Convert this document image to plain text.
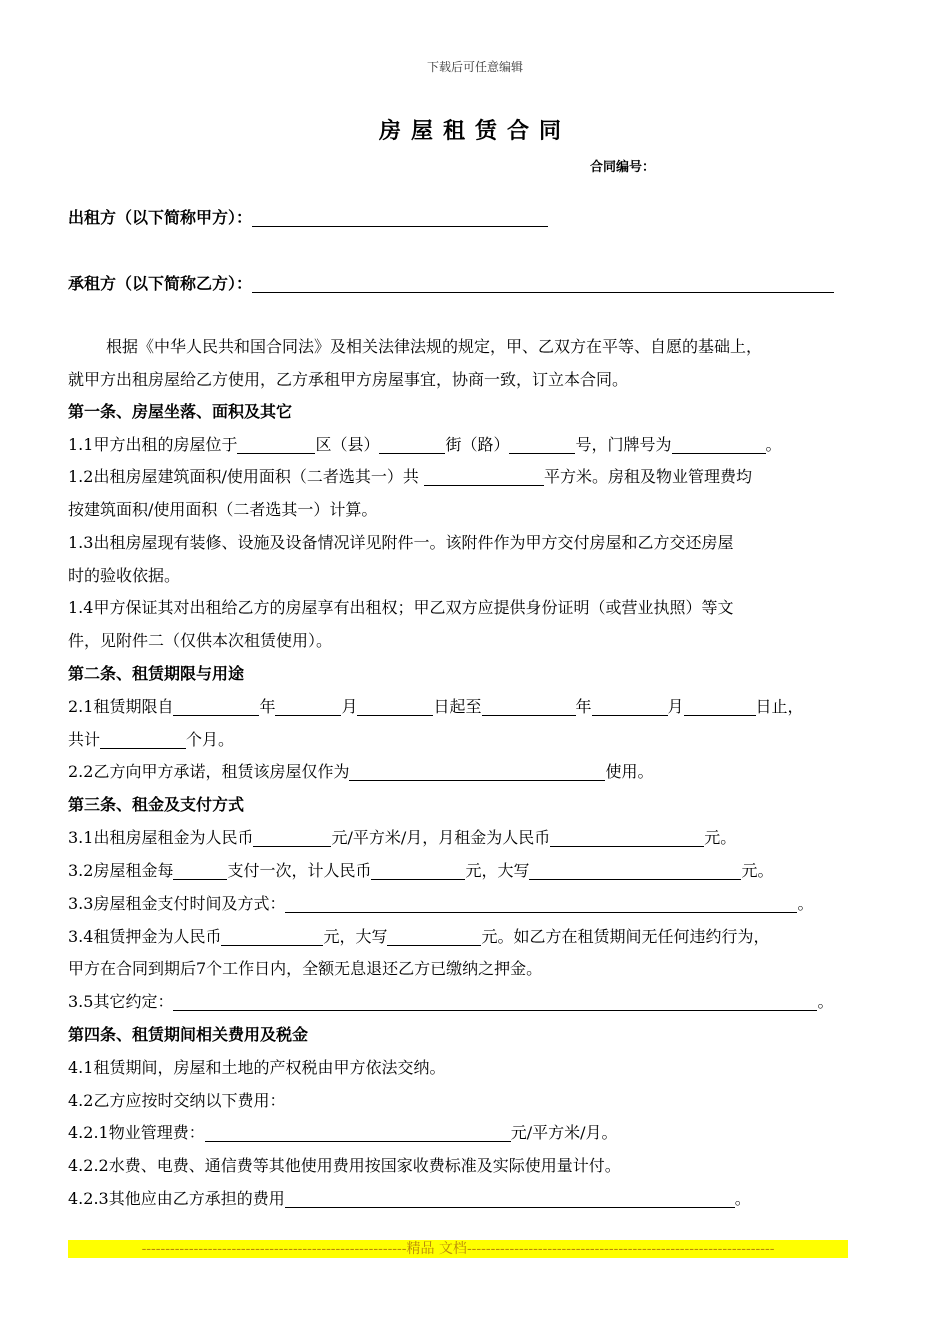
下载后可任意编辑
房屋租赁合同
合同编号：
出租方（以下简称甲方）：
承租方（以下简称乙方）：
根据《中华人民共和国合同法》及相关法律法规的规定，甲、乙双方在平等、自愿的基础上，
就甲方出租房屋给乙方使用，乙方承租甲方房屋事宜，协商一致，订立本合同。
第一条、房屋坐落、面积及其它
1.1甲方出租的房屋位于	区（县）	街（路）	号，门牌号为	。
1.2出租房屋建筑面积/使用面积（二者选其一）共	平方米。房租及物业管理费均
按建筑面积/使用面积（二者选其一）计算。
1.3出租房屋现有装修、设施及设备情况详见附件一。该附件作为甲方交付房屋和乙方交还房屋
时的验收依据。
1.4甲方保证其对出租给乙方的房屋享有出租权；甲乙双方应提供身份证明（或营业执照）等文
件，见附件二（仅供本次租赁使用）。
第二条、租赁期限与用途
2.1租赁期限自	年	月	日起至	年	月	日止，
共计	个月。
2.2乙方向甲方承诺，租赁该房屋仅作为	使用。
第三条、租金及支付方式
3.1出租房屋租金为人民币	元/平方米/月，月租金为人民币	元。
3.2房屋租金每	支付一次，计人民币	元，大写	元。
3.3房屋租金支付时间及方式：	。
3.4租赁押金为人民币	元，大写	元。如乙方在租赁期间无任何违约行为，
甲方在合同到期后7个工作日内，全额无息退还乙方已缴纳之押金。
3.5其它约定：	。
第四条、租赁期间相关费用及税金
4.1租赁期间，房屋和土地的产权税由甲方依法交纳。
4.2乙方应按时交纳以下费用：
4.2.1物业管理费：	元/平方米/月。
4.2.2水费、电费、通信费等其他使用费用按国家收费标准及实际使用量计付。
4.2.3其他应由乙方承担的费用	。
--------------------------------------------------------精品 文档-----------------------------------------------------------------
